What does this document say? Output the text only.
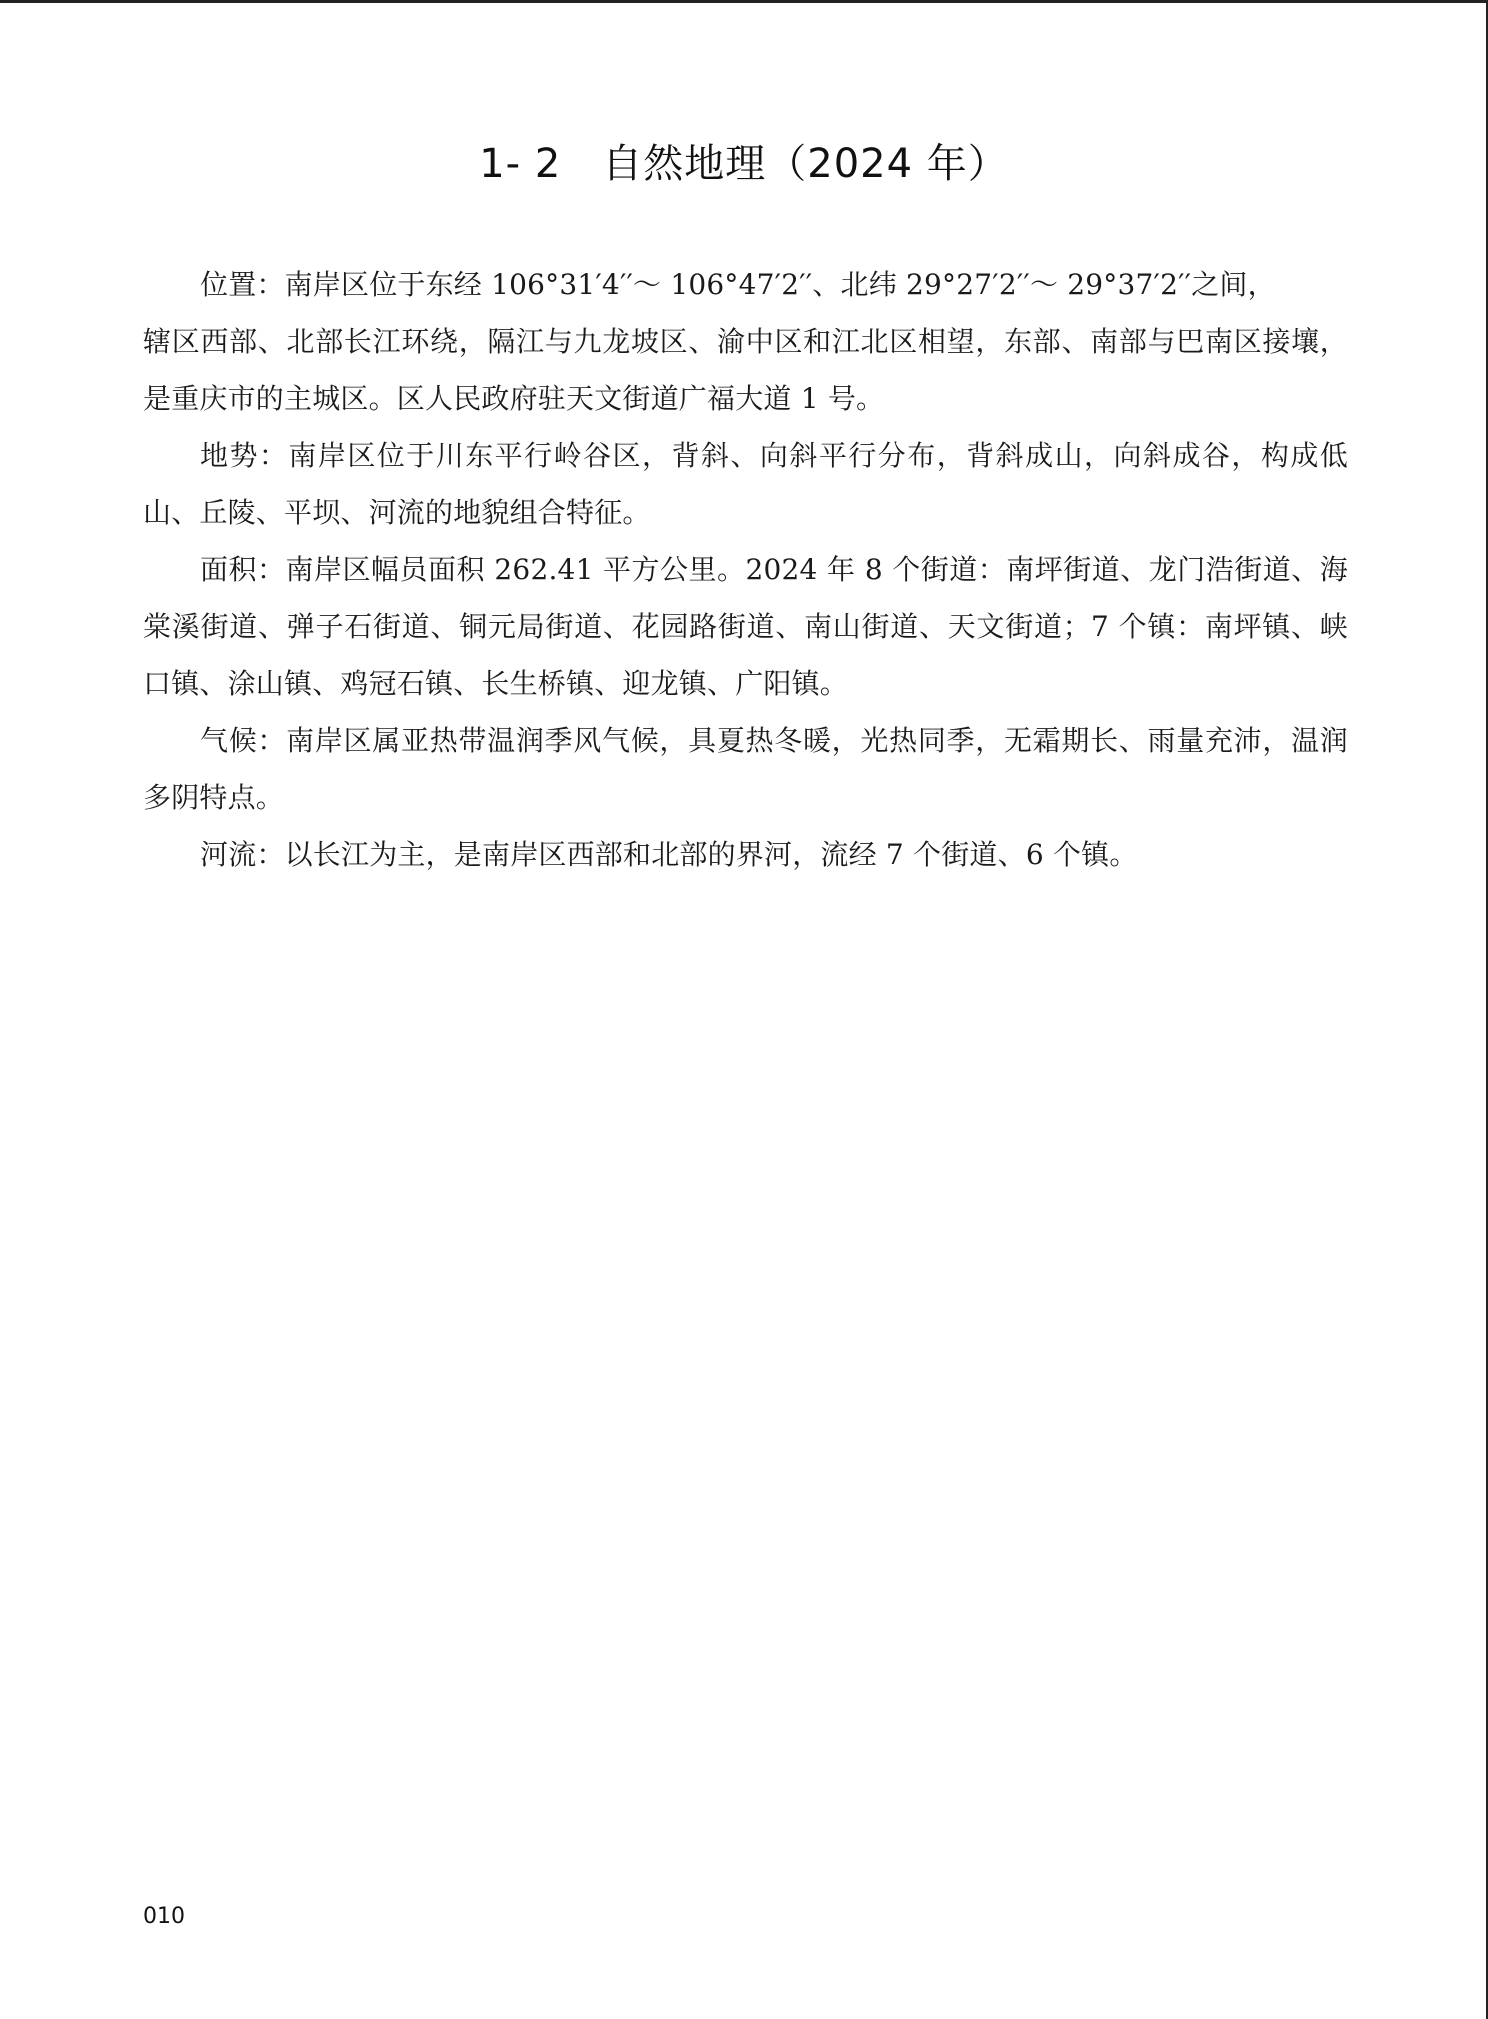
1- 2　自然地理（2024 年）

位置：南岸区位于东经 106°31′4′′～ 106°47′2′′、北纬 29°27′2′′～ 29°37′2′′之间，

辖区西部、北部长江环绕，隔江与九龙坡区、渝中区和江北区相望，东部、南部与巴南区接壤，是重庆市的主城区。区人民政府驻天文街道广福大道 1 号。

地势：南岸区位于川东平行岭谷区，背斜、向斜平行分布，背斜成山，向斜成谷，构成低山、丘陵、平坝、河流的地貌组合特征。

面积：南岸区幅员面积 262.41 平方公里。2024 年 8 个街道：南坪街道、龙门浩街道、海棠溪街道、弹子石街道、铜元局街道、花园路街道、南山街道、天文街道；7 个镇：南坪镇、峡口镇、涂山镇、鸡冠石镇、长生桥镇、迎龙镇、广阳镇。

气候：南岸区属亚热带温润季风气候，具夏热冬暖，光热同季，无霜期长、雨量充沛，温润多阴特点。

河流：以长江为主，是南岸区西部和北部的界河，流经 7 个街道、6 个镇。

010
